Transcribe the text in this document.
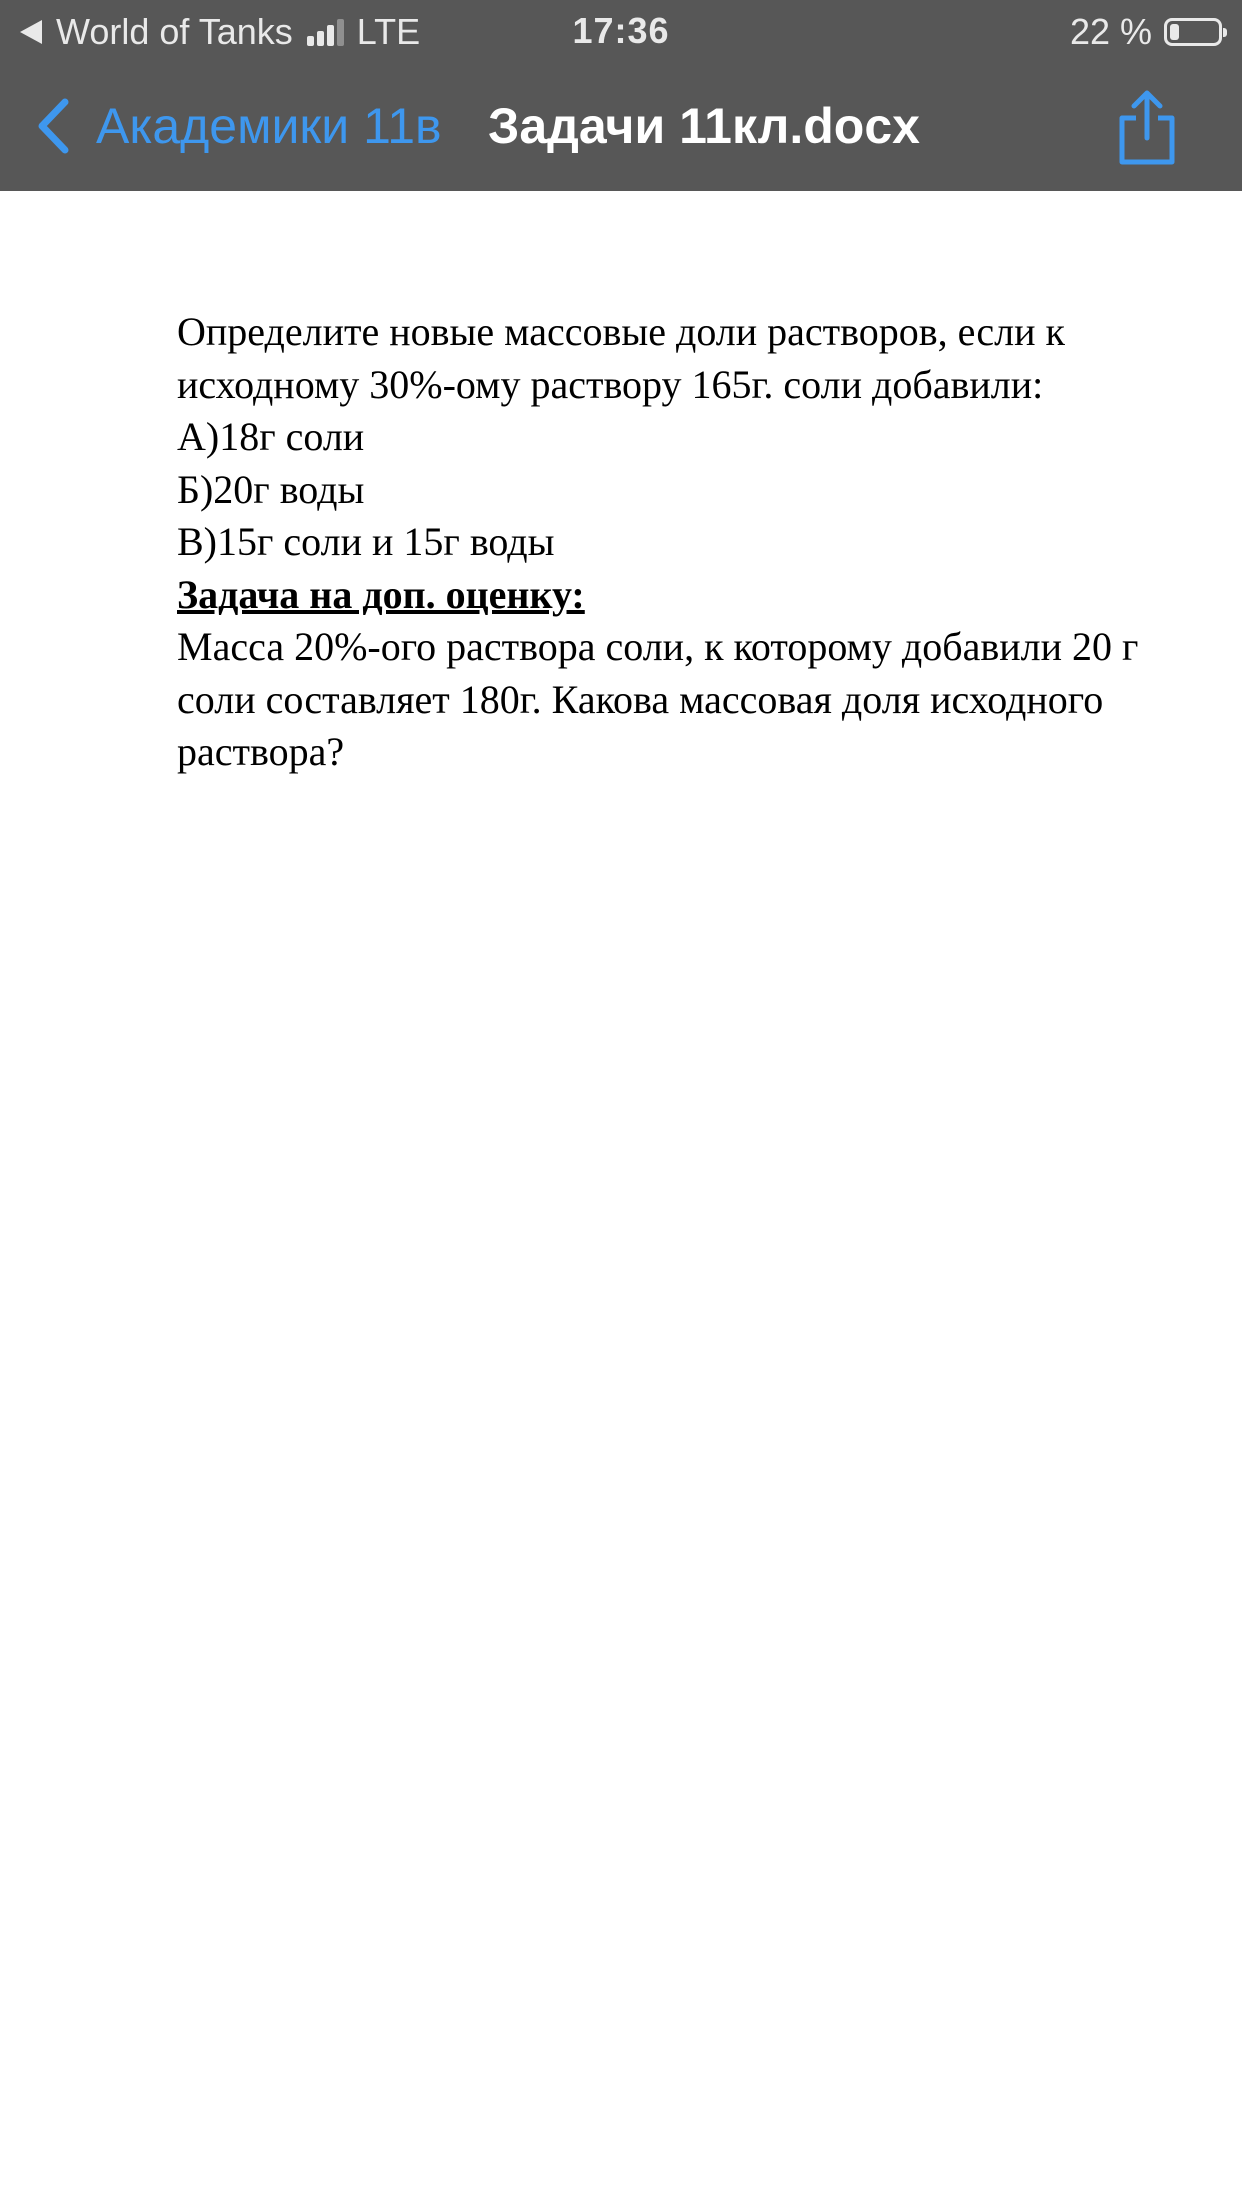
World of Tanks LTE	17:36	22 %
Академики 11в Задачи 11кл.docx

Определите новые массовые доли растворов, если к исходному 30%-ому раствору 165г. соли добавили:

А)18г соли

Б)20г воды

В)15г соли и 15г воды

Задача на доп. оценку:

Масса 20%-ого раствора соли, к которому добавили 20 г соли составляет 180г. Какова массовая доля исходного раствора?
